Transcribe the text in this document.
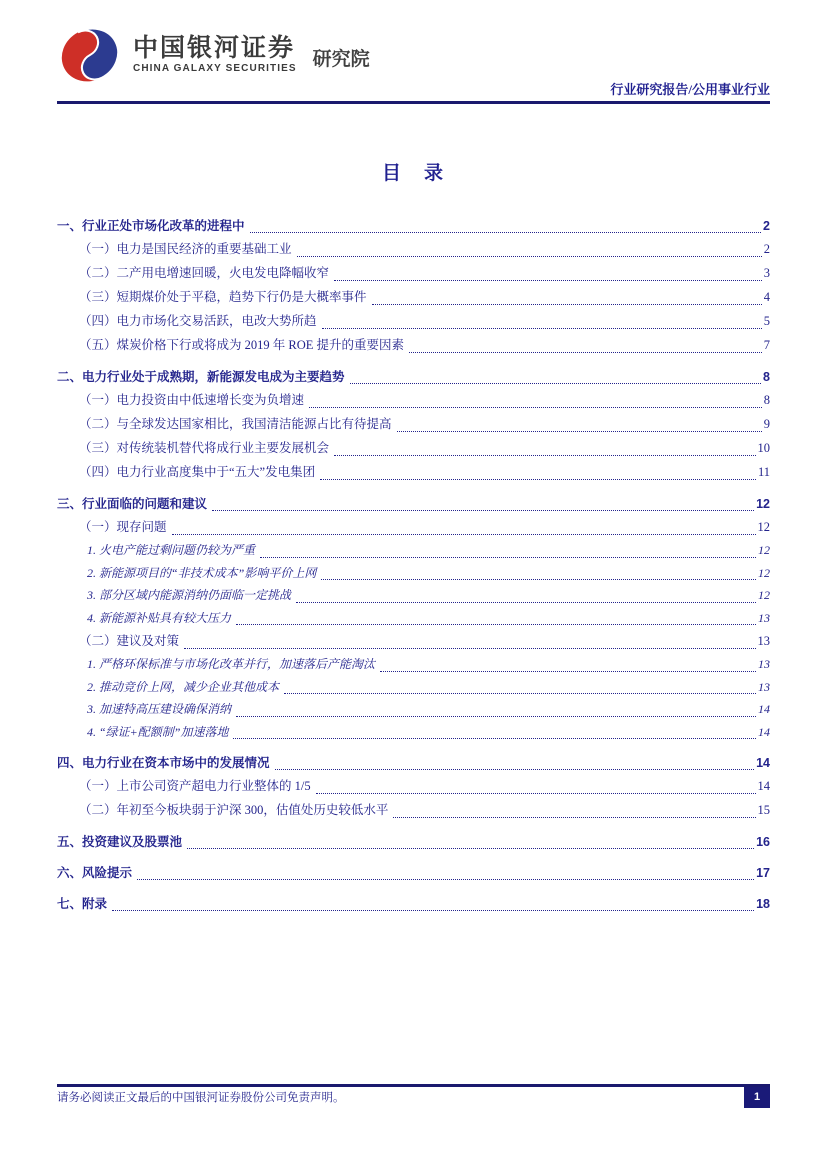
中国银河证券
CHINA GALAXY SECURITIES 研究院
行业研究报告/公用事业行业
目　录
一、行业正处市场化改革的进程中	2
（一）电力是国民经济的重要基础工业	2
（二）二产用电增速回暖，火电发电降幅收窄	3
（三）短期煤价处于平稳，趋势下行仍是大概率事件	4
（四）电力市场化交易活跃，电改大势所趋	5
（五）煤炭价格下行或将成为 2019 年 ROE 提升的重要因素	7
二、电力行业处于成熟期，新能源发电成为主要趋势	8
（一）电力投资由中低速增长变为负增速	8
（二）与全球发达国家相比，我国清洁能源占比有待提高	9
（三）对传统装机替代将成行业主要发展机会	10
（四）电力行业高度集中于“五大”发电集团	11
三、行业面临的问题和建议	12
（一）现存问题	12
1. 火电产能过剩问题仍较为严重	12
2. 新能源项目的“非技术成本”影响平价上网	12
3. 部分区域内能源消纳仍面临一定挑战	12
4. 新能源补贴具有较大压力	13
（二）建议及对策	13
1. 严格环保标准与市场化改革并行，加速落后产能淘汰	13
2. 推动竞价上网，减少企业其他成本	13
3. 加速特高压建设确保消纳	14
4. “绿证+配额制”加速落地	14
四、电力行业在资本市场中的发展情况	14
（一）上市公司资产超电力行业整体的 1/5	14
（二）年初至今板块弱于沪深 300，估值处历史较低水平	15
五、投资建议及股票池	16
六、风险提示	17
七、附录	18
请务必阅读正文最后的中国银河证券股份公司免责声明。	1
